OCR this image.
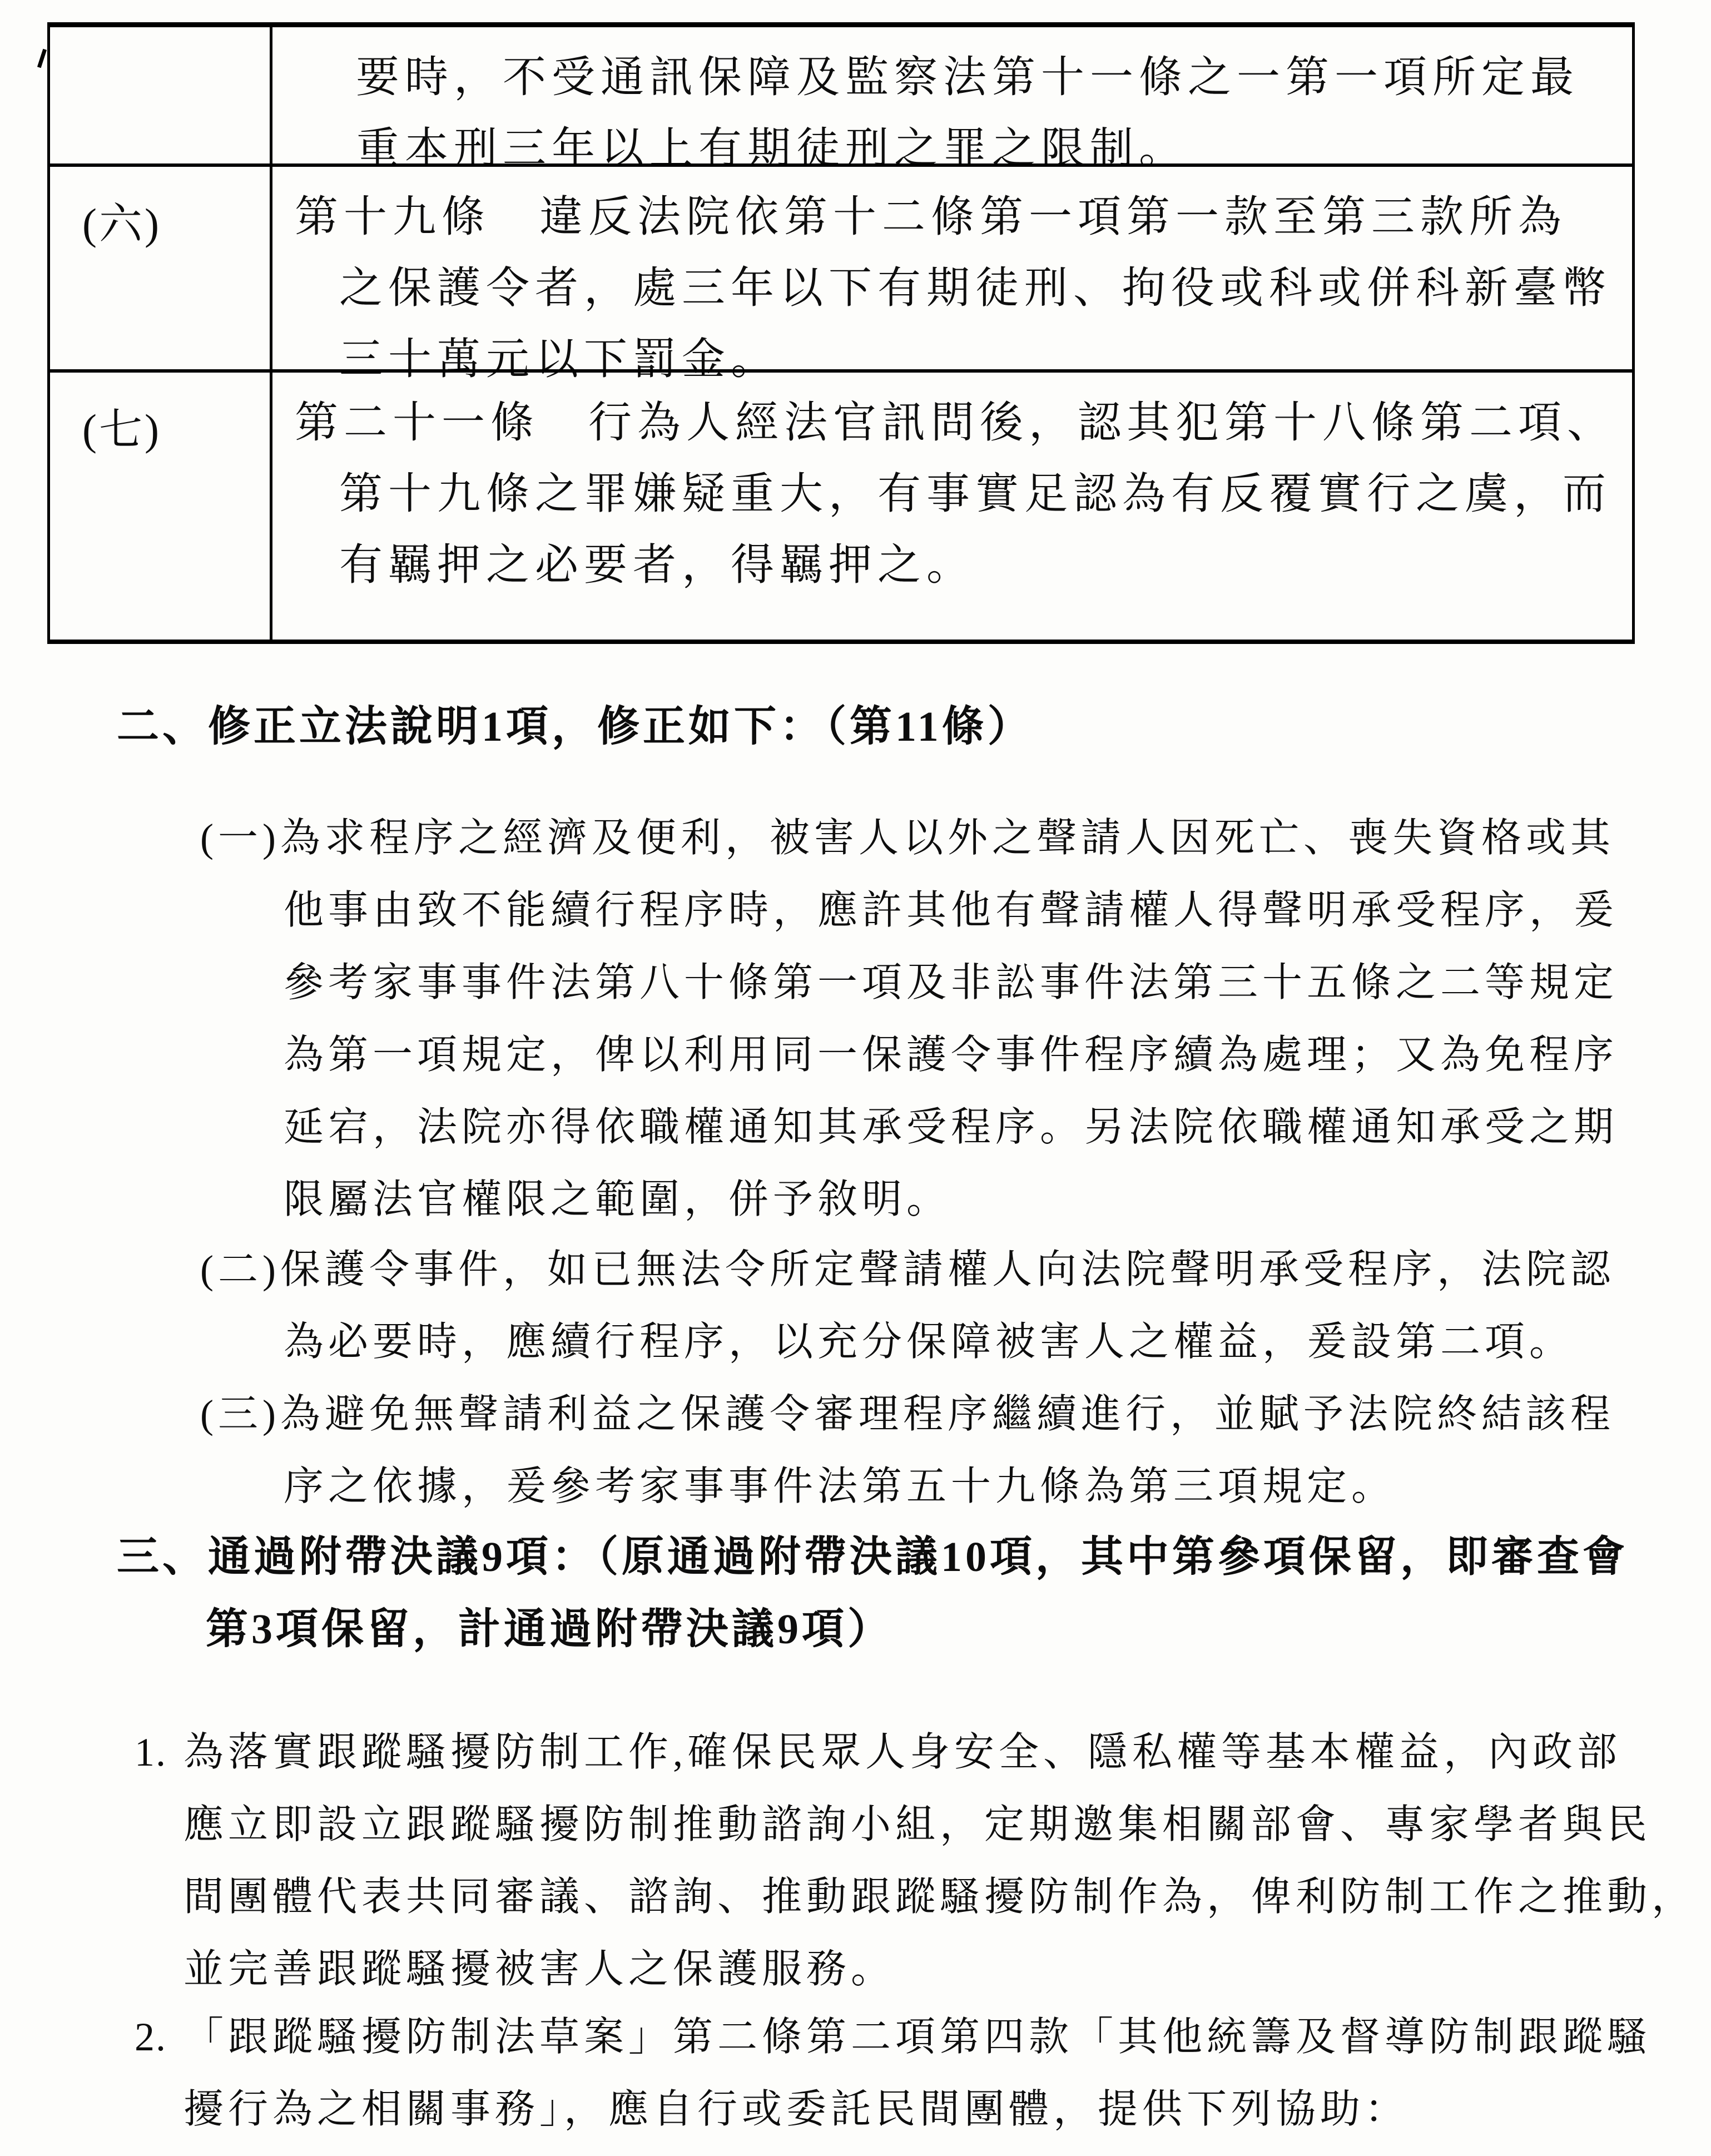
要時，不受通訊保障及監察法第十一條之一第一項所定最
重本刑三年以上有期徒刑之罪之限制。
(六)	第十九條　違反法院依第十二條第一項第一款至第三款所為
之保護令者，處三年以下有期徒刑、拘役或科或併科新臺幣
三十萬元以下罰金。
(七)	第二十一條　行為人經法官訊問後，認其犯第十八條第二項、
第十九條之罪嫌疑重大，有事實足認為有反覆實行之虞，而
有羈押之必要者，得羈押之。
二、修正立法說明1項，修正如下：（第11條）
(一)為求程序之經濟及便利，被害人以外之聲請人因死亡、喪失資格或其
他事由致不能續行程序時，應許其他有聲請權人得聲明承受程序，爰
參考家事事件法第八十條第一項及非訟事件法第三十五條之二等規定
為第一項規定，俾以利用同一保護令事件程序續為處理；又為免程序
延宕，法院亦得依職權通知其承受程序。另法院依職權通知承受之期
限屬法官權限之範圍，併予敘明。
(二)保護令事件，如已無法令所定聲請權人向法院聲明承受程序，法院認
為必要時，應續行程序，以充分保障被害人之權益，爰設第二項。
(三)為避免無聲請利益之保護令審理程序繼續進行，並賦予法院終結該程
序之依據，爰參考家事事件法第五十九條為第三項規定。
三、通過附帶決議9項：（原通過附帶決議10項，其中第參項保留，即審查會
第3項保留，計通過附帶決議9項）
1. 為落實跟蹤騷擾防制工作,確保民眾人身安全、隱私權等基本權益，內政部
應立即設立跟蹤騷擾防制推動諮詢小組，定期邀集相關部會、專家學者與民
間團體代表共同審議、諮詢、推動跟蹤騷擾防制作為，俾利防制工作之推動，
並完善跟蹤騷擾被害人之保護服務。
2. 「跟蹤騷擾防制法草案」第二條第二項第四款「其他統籌及督導防制跟蹤騷
擾行為之相關事務」，應自行或委託民間團體，提供下列協助：
